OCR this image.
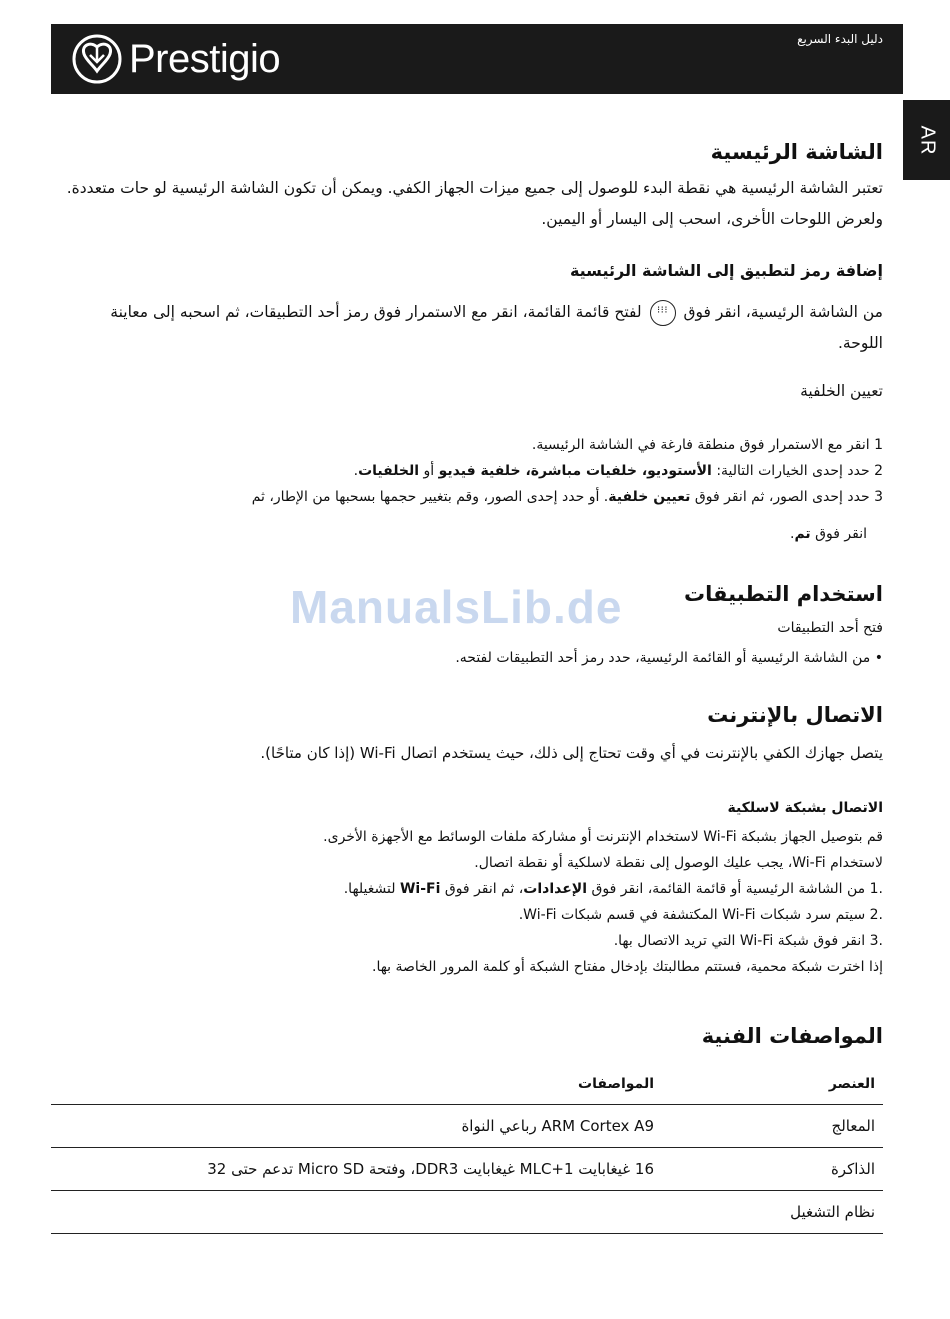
Prestigio	دليل البدء السريع
AR
الشاشة الرئيسية

تعتبر الشاشة الرئيسية هي نقطة البدء للوصول إلى جميع ميزات الجهاز الكفي. ويمكن أن تكون الشاشة الرئيسية لو حات متعددة. ولعرض اللوحات الأخرى، اسحب إلى اليسار أو اليمين.

إضافة رمز لتطبيق إلى الشاشة الرئيسية

من الشاشة الرئيسية، انقر فوق ⁝⁝⁝ لفتح قائمة القائمة، انقر مع الاستمرار فوق رمز أحد التطبيقات، ثم اسحبه إلى معاينة اللوحة.

تعيين الخلفية

1 انقر مع الاستمرار فوق منطقة فارغة في الشاشة الرئيسية.
2 حدد إحدى الخيارات التالية: الأستوديو، خلفيات مباشرة، خلفية فيديو أو الخلفيات.
3 حدد إحدى الصور، ثم انقر فوق تعيين خلفية. أو حدد إحدى الصور، وقم بتغيير حجمها بسحبها من الإطار، ثم

انقر فوق تم.

ManualsLib.de	استخدام التطبيقات

فتح أحد التطبيقات

• من الشاشة الرئيسية أو القائمة الرئيسية، حدد رمز أحد التطبيقات لفتحه.

الاتصال بالإنترنت

يتصل جهازك الكفي بالإنترنت في أي وقت تحتاج إلى ذلك، حيث يستخدم اتصال Wi-Fi (إذا كان متاحًا).

الاتصال بشبكة لاسلكية

قم بتوصيل الجهاز بشبكة Wi-Fi لاستخدام الإنترنت أو مشاركة ملفات الوسائط مع الأجهزة الأخرى.

لاستخدام Wi-Fi، يجب عليك الوصول إلى نقطة لاسلكية أو نقطة اتصال.

.1 من الشاشة الرئيسية أو قائمة القائمة، انقر فوق الإعدادات، ثم انقر فوق Wi-Fi لتشغيلها.

.2 سيتم سرد شبكات Wi-Fi المكتشفة في قسم شبكات Wi-Fi.

.3 انقر فوق شبكة Wi-Fi التي تريد الاتصال بها.

إذا اخترت شبكة محمية، فستتم مطالبتك بإدخال مفتاح الشبكة أو كلمة المرور الخاصة بها.

المواصفات الفنية
العنصر	المواصفات
المعالج	ARM Cortex A9 رباعي النواة
الذاكرة	16 غيغابايت MLC+1 غيغابايت DDR3، وفتحة Micro SD تدعم حتى 32
نظام التشغيل	
